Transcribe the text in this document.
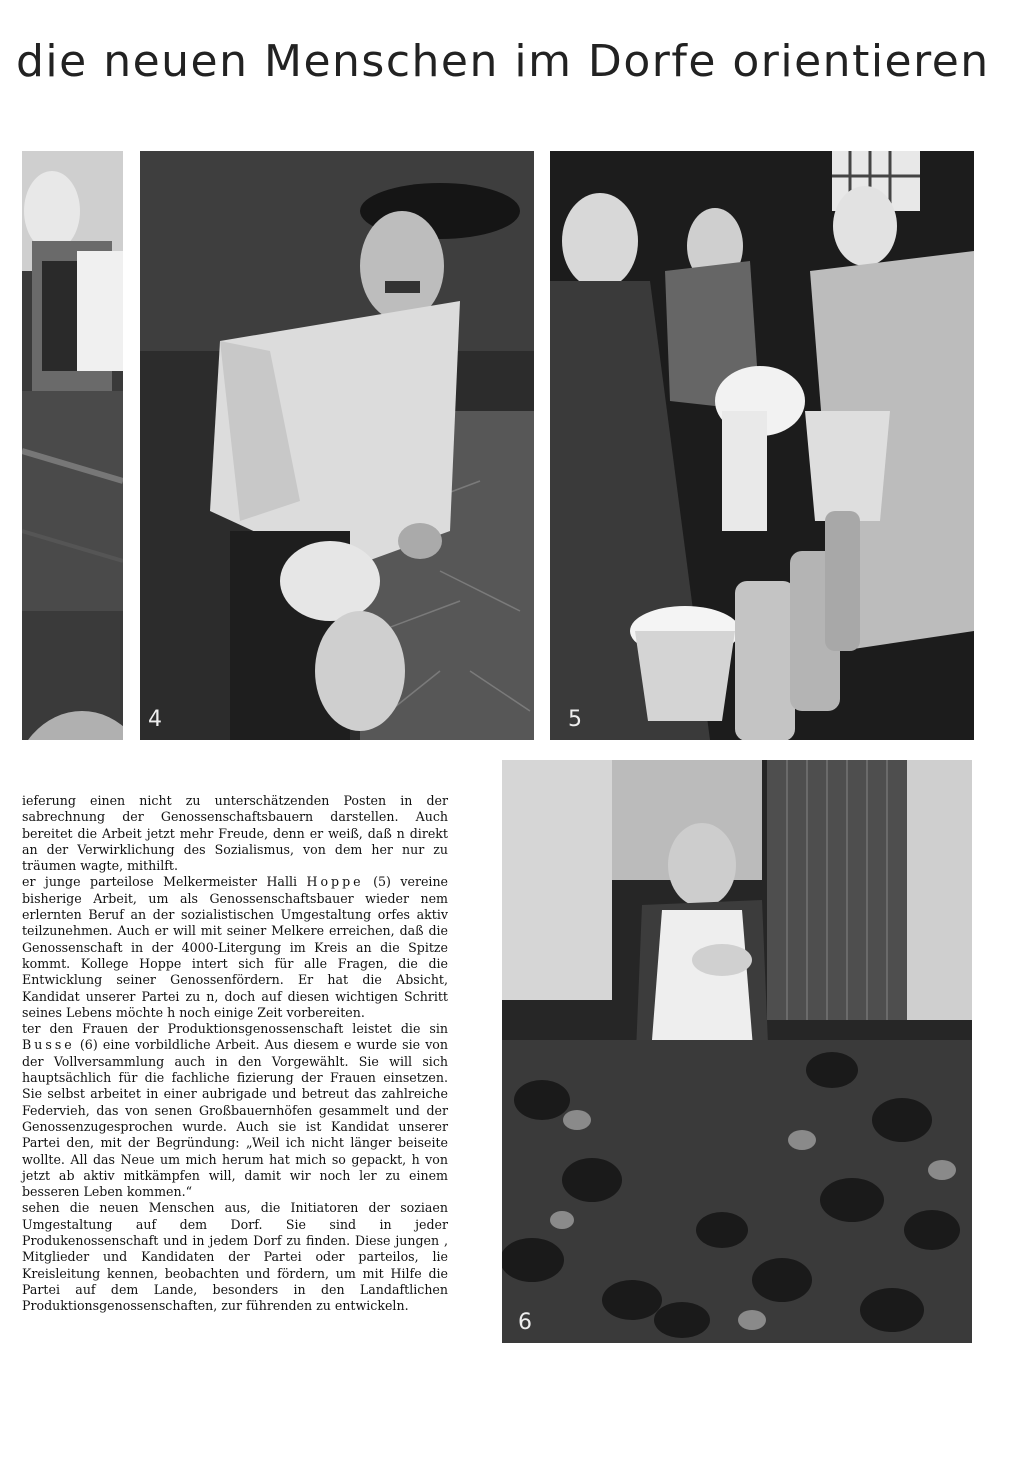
die neuen Menschen im Dorfe orientieren
4	5

ieferung einen nicht zu unterschätzenden Posten in der sabrechnung der Genossenschaftsbauern darstellen. Auch bereitet die Arbeit jetzt mehr Freude, denn er weiß, daß n direkt an der Verwirklichung des Sozialismus, von dem her nur zu träumen wagte, mithilft.

er junge parteilose Melkermeister Halli Hoppe (5) vereine bisherige Arbeit, um als Genossenschaftsbauer wieder nem erlernten Beruf an der sozialistischen Umgestaltung orfes aktiv teilzunehmen. Auch er will mit seiner Melkere erreichen, daß die Genossenschaft in der 4000-Litergung im Kreis an die Spitze kommt. Kollege Hoppe intert sich für alle Fragen, die die Entwicklung seiner Genossenfördern. Er hat die Absicht, Kandidat unserer Partei zu n, doch auf diesen wichtigen Schritt seines Lebens möchte h noch einige Zeit vorbereiten.

ter den Frauen der Produktionsgenossenschaft leistet die sin Busse (6) eine vorbildliche Arbeit. Aus diesem e wurde sie von der Vollversammlung auch in den Vorgewählt. Sie will sich hauptsächlich für die fachliche fizierung der Frauen einsetzen. Sie selbst arbeitet in einer aubrigade und betreut das zahlreiche Federvieh, das von senen Großbauernhöfen gesammelt und der Genossenzugesprochen wurde. Auch sie ist Kandidat unserer Partei den, mit der Begründung: „Weil ich nicht länger beiseite wollte. All das Neue um mich herum hat mich so gepackt, h von jetzt ab aktiv mitkämpfen will, damit wir noch ler zu einem besseren Leben kommen.“

sehen die neuen Menschen aus, die Initiatoren der soziaen Umgestaltung auf dem Dorf. Sie sind in jeder Produkenossenschaft und in jedem Dorf zu finden. Diese jungen , Mitglieder und Kandidaten der Partei oder parteilos, lie Kreisleitung kennen, beobachten und fördern, um mit Hilfe die Partei auf dem Lande, besonders in den Landaftlichen Produktionsgenossenschaften, zur führenden zu entwickeln.

6
